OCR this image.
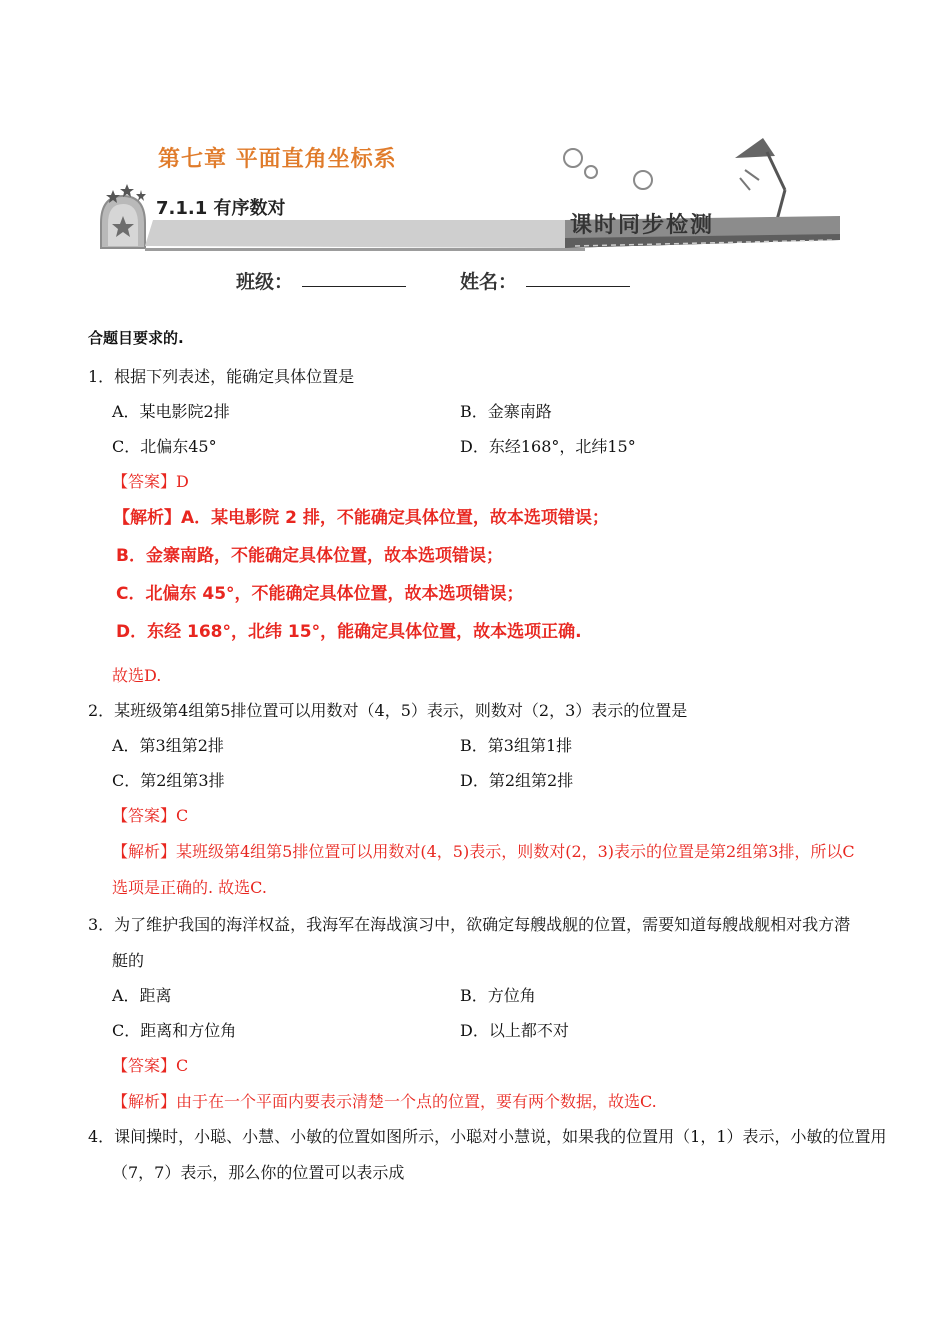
第七章 平面直角坐标系
7.1.1 有序数对
课时同步检测
班级：	姓名：
合题目要求的.
1．根据下列表述，能确定具体位置是
A．某电影院2排	B．金寨南路
C．北偏东45°	D．东经168°，北纬15°
【答案】D
【解析】A．某电影院 2 排，不能确定具体位置，故本选项错误；
B．金寨南路，不能确定具体位置，故本选项错误；
C．北偏东 45°，不能确定具体位置，故本选项错误；
D．东经 168°，北纬 15°，能确定具体位置，故本选项正确.
故选D.
2．某班级第4组第5排位置可以用数对（4，5）表示，则数对（2，3）表示的位置是
A．第3组第2排	B．第3组第1排
C．第2组第3排	D．第2组第2排
【答案】C
【解析】某班级第4组第5排位置可以用数对(4，5)表示，则数对(2，3)表示的位置是第2组第3排，所以C
选项是正确的. 故选C.
3．为了维护我国的海洋权益，我海军在海战演习中，欲确定每艘战舰的位置，需要知道每艘战舰相对我方潜
艇的
A．距离	B．方位角
C．距离和方位角	D．以上都不对
【答案】C
【解析】由于在一个平面内要表示清楚一个点的位置，要有两个数据，故选C.
4．课间操时，小聪、小慧、小敏的位置如图所示，小聪对小慧说，如果我的位置用（1，1）表示，小敏的位置用
（7，7）表示，那么你的位置可以表示成
